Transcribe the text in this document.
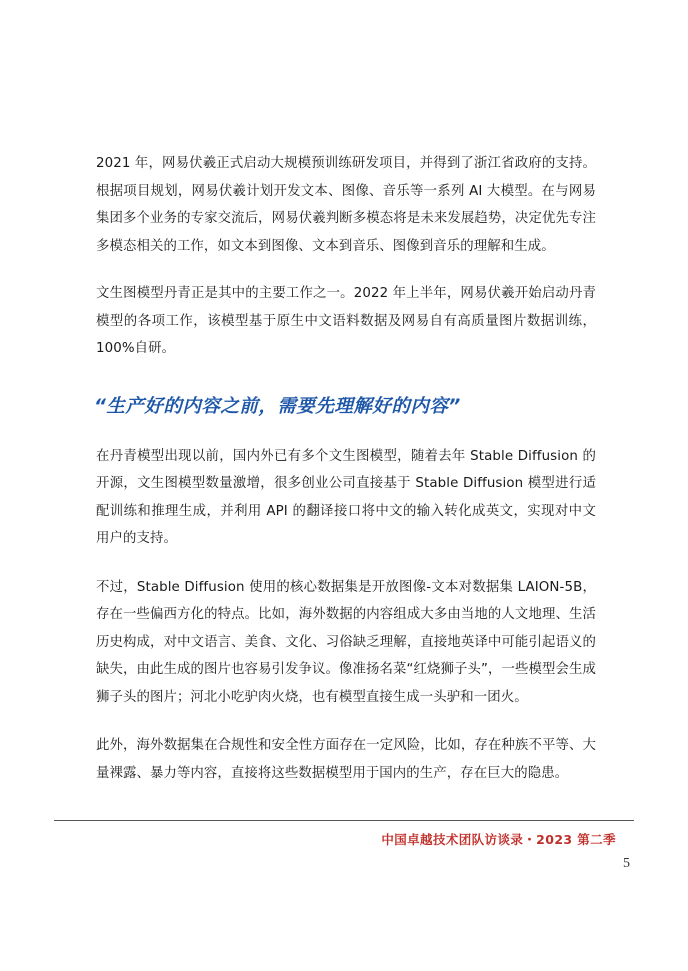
2021 年，网易伏羲正式启动大规模预训练研发项目，并得到了浙江省政府的支持。根据项目规划，网易伏羲计划开发文本、图像、音乐等一系列 AI 大模型。在与网易集团多个业务的专家交流后，网易伏羲判断多模态将是未来发展趋势，决定优先专注多模态相关的工作，如文本到图像、文本到音乐、图像到音乐的理解和生成。

文生图模型丹青正是其中的主要工作之一。2022 年上半年，网易伏羲开始启动丹青模型的各项工作，该模型基于原生中文语料数据及网易自有高质量图片数据训练，100%自研。

“生产好的内容之前，需要先理解好的内容”

在丹青模型出现以前，国内外已有多个文生图模型，随着去年 Stable Diffusion 的开源，文生图模型数量激增，很多创业公司直接基于 Stable Diffusion 模型进行适配训练和推理生成，并利用 API 的翻译接口将中文的输入转化成英文，实现对中文用户的支持。

不过，Stable Diffusion 使用的核心数据集是开放图像-文本对数据集 LAION-5B，存在一些偏西方化的特点。比如，海外数据的内容组成大多由当地的人文地理、生活历史构成，对中文语言、美食、文化、习俗缺乏理解，直接地英译中可能引起语义的缺失，由此生成的图片也容易引发争议。像准扬名菜“红烧狮子头”，一些模型会生成狮子头的图片；河北小吃驴肉火烧，也有模型直接生成一头驴和一团火。

此外，海外数据集在合规性和安全性方面存在一定风险，比如，存在种族不平等、大量裸露、暴力等内容，直接将这些数据模型用于国内的生产，存在巨大的隐患。

中国卓越技术团队访谈录・2023 第二季
5
